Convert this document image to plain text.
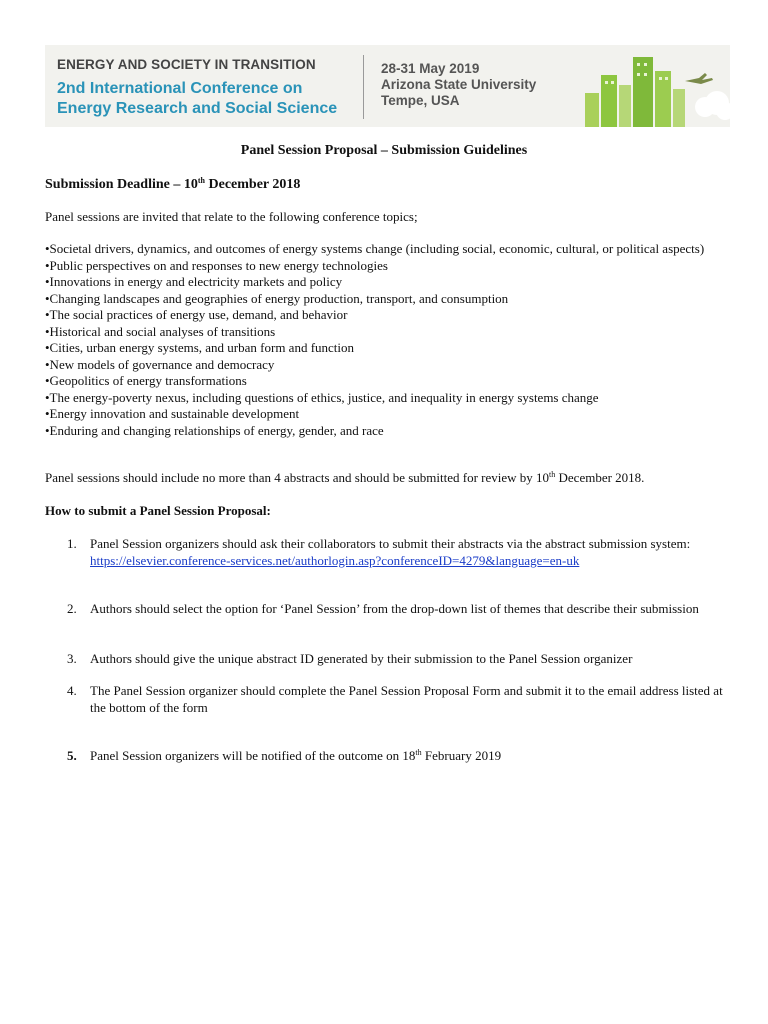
ENERGY AND SOCIETY IN TRANSITION
2nd International Conference on
Energy Research and Social Science
28-31 May 2019
Arizona State University
Tempe, USA
Panel Session Proposal – Submission Guidelines
Submission Deadline – 10th December 2018
Panel sessions are invited that relate to the following conference topics;
•Societal drivers, dynamics, and outcomes of energy systems change (including social, economic, cultural, or political aspects)
•Public perspectives on and responses to new energy technologies
•Innovations in energy and electricity markets and policy
•Changing landscapes and geographies of energy production, transport, and consumption
•The social practices of energy use, demand, and behavior
•Historical and social analyses of transitions
•Cities, urban energy systems, and urban form and function
•New models of governance and democracy
•Geopolitics of energy transformations
•The energy-poverty nexus, including questions of ethics, justice, and inequality in energy systems change
•Energy innovation and sustainable development
•Enduring and changing relationships of energy, gender, and race
Panel sessions should include no more than 4 abstracts and should be submitted for review by 10th December 2018.
How to submit a Panel Session Proposal:
1. Panel Session organizers should ask their collaborators to submit their abstracts via the abstract submission system:
https://elsevier.conference-services.net/authorlogin.asp?conferenceID=4279&language=en-uk
2. Authors should select the option for ‘Panel Session’ from the drop-down list of themes that describe their submission
3. Authors should give the unique abstract ID generated by their submission to the Panel Session organizer
4. The Panel Session organizer should complete the Panel Session Proposal Form and submit it to the email address listed at the bottom of the form
5. Panel Session organizers will be notified of the outcome on 18th February 2019
